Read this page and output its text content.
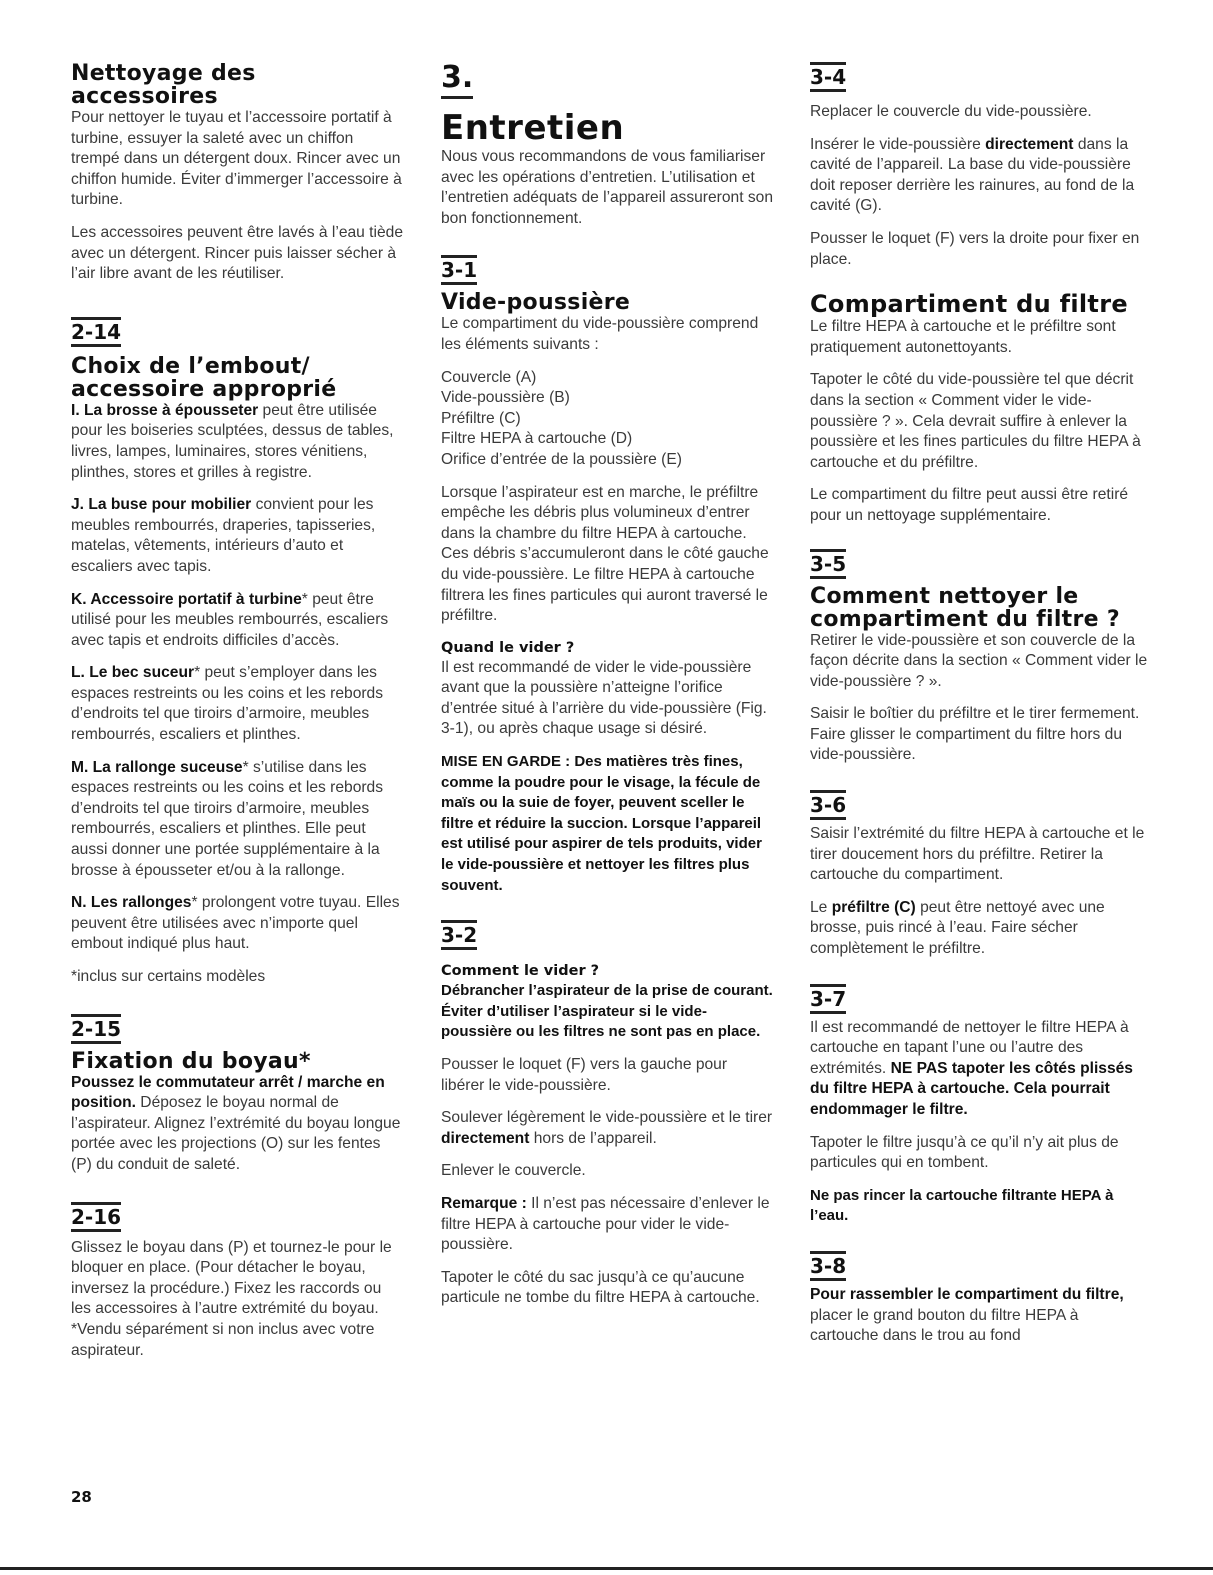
Nettoyage des accessoires

Pour nettoyer le tuyau et l’accessoire portatif à turbine, essuyer la saleté avec un chiffon trempé dans un détergent doux. Rincer avec un chiffon humide. Éviter d’immerger l’accessoire à turbine.

Les accessoires peuvent être lavés à l’eau tiède avec un détergent. Rincer puis laisser sécher à l’air libre avant de les réutiliser.

2-14
Choix de l’embout/ accessoire approprié

I. La brosse à épousseter peut être utilisée pour les boiseries sculptées, dessus de tables, livres, lampes, luminaires, stores vénitiens, plinthes, stores et grilles à registre.

J. La buse pour mobilier convient pour les meubles rembourrés, draperies, tapisseries, matelas, vêtements, intérieurs d’auto et escaliers avec tapis.

K. Accessoire portatif à turbine* peut être utilisé pour les meubles rembourrés, escaliers avec tapis et endroits difficiles d’accès.

L. Le bec suceur* peut s’employer dans les espaces restreints ou les coins et les rebords d’endroits tel que tiroirs d’armoire, meubles rembourrés, escaliers et plinthes.

M. La rallonge suceuse* s’utilise dans les espaces restreints ou les coins et les rebords d’endroits tel que tiroirs d’armoire, meubles rembourrés, escaliers et plinthes. Elle peut aussi donner une portée supplémentaire à la brosse à épousseter et/ou à la rallonge.

N. Les rallonges* prolongent votre tuyau. Elles peuvent être utilisées avec n’importe quel embout indiqué plus haut.

*inclus sur certains modèles

2-15
Fixation du boyau*

Poussez le commutateur arrêt / marche en position. Déposez le boyau normal de l’aspirateur. Alignez l’extrémité du boyau longue portée avec les projections (O) sur les fentes (P) du conduit de saleté.

2-16

Glissez le boyau dans (P) et tournez-le pour le bloquer en place. (Pour détacher le boyau, inversez la procédure.) Fixez les raccords ou les accessoires à l’autre extrémité du boyau.

*Vendu séparément si non inclus avec votre aspirateur.

28
3.
Entretien

Nous vous recommandons de vous familiariser avec les opérations d’entretien. L’utilisation et l’entretien adéquats de l’appareil assureront son bon fonctionnement.

3-1
Vide-poussière

Le compartiment du vide-poussière comprend les éléments suivants :

Couvercle (A)
Vide-poussière (B)
Préfiltre (C)
Filtre HEPA à cartouche (D)
Orifice d’entrée de la poussière (E)

Lorsque l’aspirateur est en marche, le préfiltre empêche les débris plus volumineux d’entrer dans la chambre du filtre HEPA à cartouche. Ces débris s’accumuleront dans le côté gauche du vide-poussière. Le filtre HEPA à cartouche filtrera les fines particules qui auront traversé le préfiltre.

Quand le vider ?

Il est recommandé de vider le vide-poussière avant que la poussière n’atteigne l’orifice d’entrée situé à l’arrière du vide-poussière (Fig. 3-1), ou après chaque usage si désiré.

MISE EN GARDE : Des matières très fines, comme la poudre pour le visage, la fécule de maïs ou la suie de foyer, peuvent sceller le filtre et réduire la succion. Lorsque l’appareil est utilisé pour aspirer de tels produits, vider le vide-poussière et nettoyer les filtres plus souvent.

3-2
Comment le vider ?

Débrancher l’aspirateur de la prise de courant. Éviter d’utiliser l’aspirateur si le vide-poussière ou les filtres ne sont pas en place.

Pousser le loquet (F) vers la gauche pour libérer le vide-poussière.

Soulever légèrement le vide-poussière et le tirer directement hors de l’appareil.

Enlever le couvercle.

Remarque : Il n’est pas nécessaire d’enlever le filtre HEPA à cartouche pour vider le vide-poussière.

Tapoter le côté du sac jusqu’à ce qu’aucune particule ne tombe du filtre HEPA à cartouche.

3-4

Replacer le couvercle du vide-poussière.

Insérer le vide-poussière directement dans la cavité de l’appareil. La base du vide-poussière doit reposer derrière les rainures, au fond de la cavité (G).

Pousser le loquet (F) vers la droite pour fixer en place.

Compartiment du filtre

Le filtre HEPA à cartouche et le préfiltre sont pratiquement autonettoyants.

Tapoter le côté du vide-poussière tel que décrit dans la section « Comment vider le vide-poussière ? ». Cela devrait suffire à enlever la poussière et les fines particules du filtre HEPA à cartouche et du préfiltre.

Le compartiment du filtre peut aussi être retiré pour un nettoyage supplémentaire.

3-5
Comment nettoyer le compartiment du filtre ?

Retirer le vide-poussière et son couvercle de la façon décrite dans la section « Comment vider le vide-poussière ? ».

Saisir le boîtier du préfiltre et le tirer fermement. Faire glisser le compartiment du filtre hors du vide-poussière.

3-6

Saisir l’extrémité du filtre HEPA à cartouche et le tirer doucement hors du préfiltre. Retirer la cartouche du compartiment.

Le préfiltre (C) peut être nettoyé avec une brosse, puis rincé à l’eau. Faire sécher complètement le préfiltre.

3-7

Il est recommandé de nettoyer le filtre HEPA à cartouche en tapant l’une ou l’autre des extrémités. NE PAS tapoter les côtés plissés du filtre HEPA à cartouche. Cela pourrait endommager le filtre.

Tapoter le filtre jusqu’à ce qu’il n’y ait plus de particules qui en tombent.

Ne pas rincer la cartouche filtrante HEPA à l’eau.

3-8

Pour rassembler le compartiment du filtre, placer le grand bouton du filtre HEPA à cartouche dans le trou au fond
